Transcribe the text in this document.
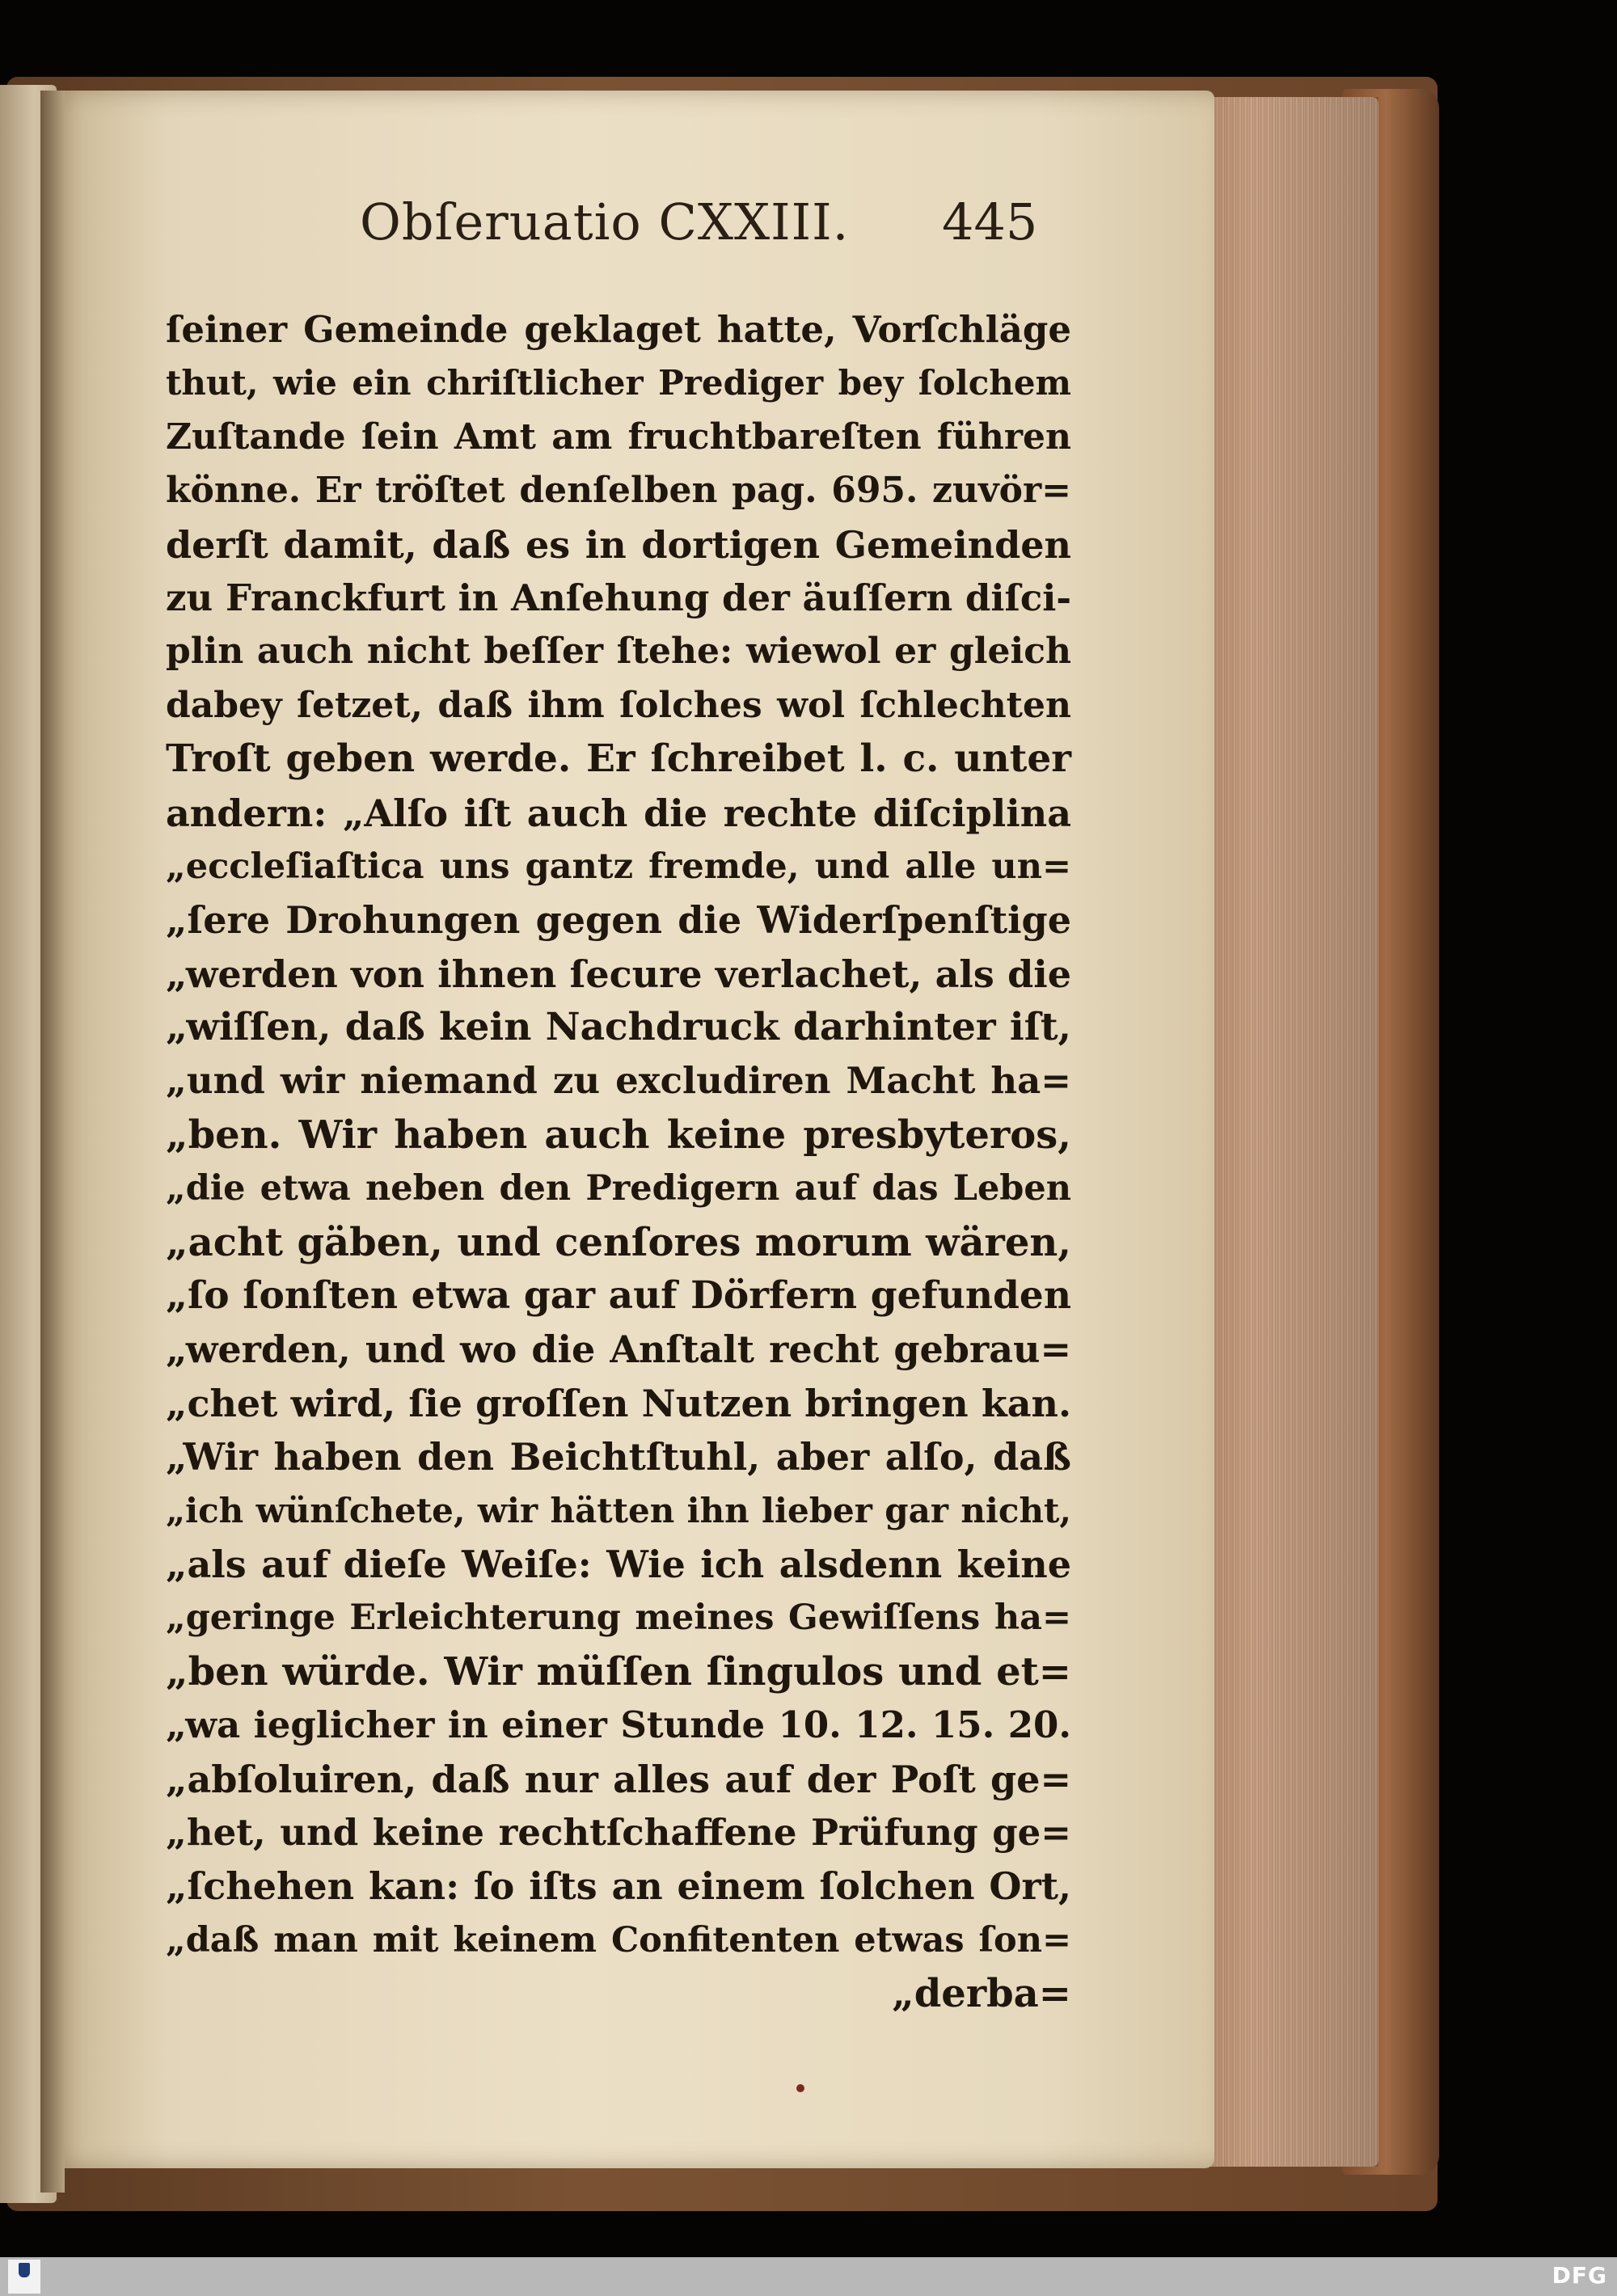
Obſeruatio CXXIII. 445
ſeiner Gemeinde geklaget hatte, Vorſchläge
thut, wie ein chriſtlicher Prediger bey ſolchem
Zuſtande ſein Amt am fruchtbareſten führen
könne. Er tröſtet denſelben pag. 695. zuvör=
derſt damit, daß es in dortigen Gemeinden
zu Franckfurt in Anſehung der äuſſern diſci-
plin auch nicht beſſer ſtehe: wiewol er gleich
dabey ſetzet, daß ihm ſolches wol ſchlechten
Troſt geben werde. Er ſchreibet l. c. unter
andern: „Alſo iſt auch die rechte diſciplina
„eccleſiaſtica uns gantz fremde, und alle un=
„ſere Drohungen gegen die Widerſpenſtige
„werden von ihnen ſecure verlachet, als die
„wiſſen, daß kein Nachdruck darhinter iſt,
„und wir niemand zu excludiren Macht ha=
„ben. Wir haben auch keine presbyteros,
„die etwa neben den Predigern auf das Leben
„acht gäben, und cenſores morum wären,
„ſo ſonſten etwa gar auf Dörfern gefunden
„werden, und wo die Anſtalt recht gebrau=
„chet wird, ſie groſſen Nutzen bringen kan.
„Wir haben den Beichtſtuhl, aber alſo, daß
„ich wünſchete, wir hätten ihn lieber gar nicht,
„als auf dieſe Weiſe: Wie ich alsdenn keine
„geringe Erleichterung meines Gewiſſens ha=
„ben würde. Wir müſſen ſingulos und et=
„wa ieglicher in einer Stunde 10. 12. 15. 20.
„abſoluiren, daß nur alles auf der Poſt ge=
„het, und keine rechtſchaffene Prüfung ge=
„ſchehen kan: ſo iſts an einem ſolchen Ort,
„daß man mit keinem Confitenten etwas ſon=
„derba=
DFG
